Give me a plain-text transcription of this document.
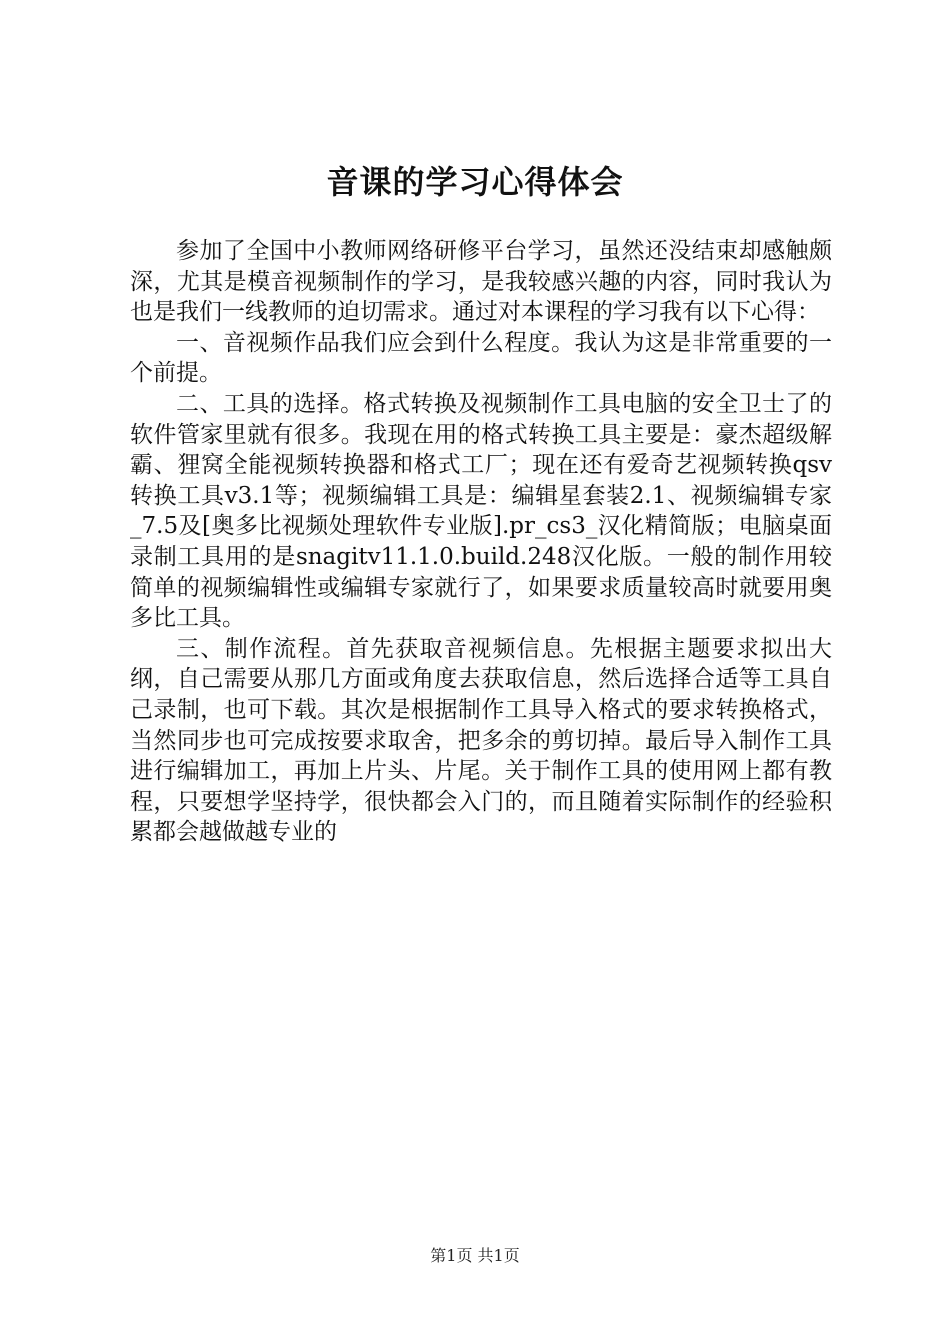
音课的学习心得体会

参加了全国中小教师网络研修平台学习，虽然还没结束却感触颇深，尤其是模音视频制作的学习，是我较感兴趣的内容，同时我认为也是我们一线教师的迫切需求。通过对本课程的学习我有以下心得：

一、音视频作品我们应会到什么程度。我认为这是非常重要的一个前提。

二、工具的选择。格式转换及视频制作工具电脑的安全卫士了的软件管家里就有很多。我现在用的格式转换工具主要是：豪杰超级解霸、狸窝全能视频转换器和格式工厂；现在还有爱奇艺视频转换qsv转换工具v3.1等；视频编辑工具是：编辑星套装2.1、视频编辑专家_7.5及[奥多比视频处理软件专业版].pr_cs3_汉化精简版；电脑桌面录制工具用的是snagitv11.1.0.build.248汉化版。一般的制作用较简单的视频编辑性或编辑专家就行了，如果要求质量较高时就要用奥多比工具。

三、制作流程。首先获取音视频信息。先根据主题要求拟出大纲，自己需要从那几方面或角度去获取信息，然后选择合适等工具自己录制，也可下载。其次是根据制作工具导入格式的要求转换格式，当然同步也可完成按要求取舍，把多余的剪切掉。最后导入制作工具进行编辑加工，再加上片头、片尾。关于制作工具的使用网上都有教程，只要想学坚持学，很快都会入门的，而且随着实际制作的经验积累都会越做越专业的

第1页 共1页
